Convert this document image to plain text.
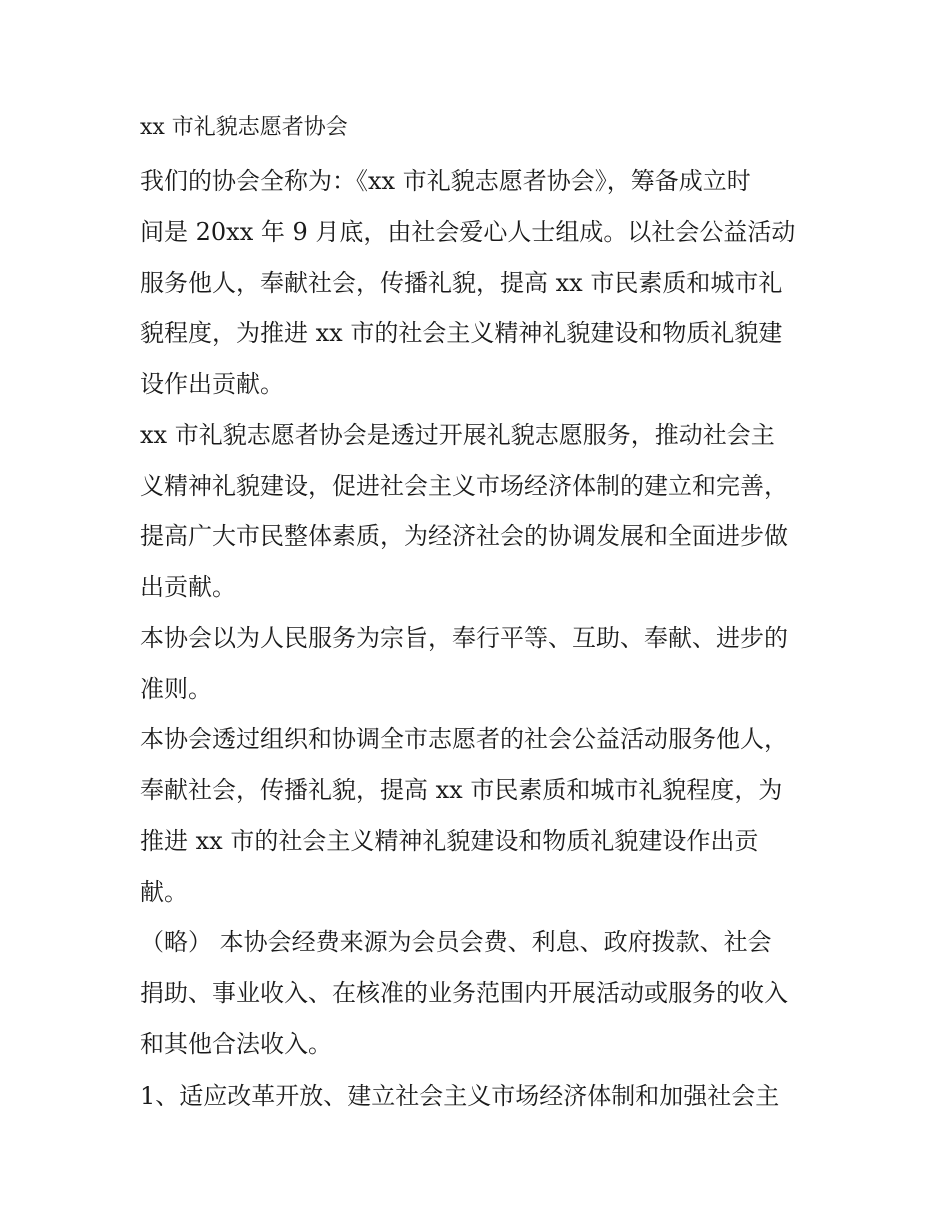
xx 市礼貌志愿者协会
我们的协会全称为：《xx 市礼貌志愿者协会》，筹备成立时
间是 20xx 年 9 月底，由社会爱心人士组成。以社会公益活动
服务他人，奉献社会，传播礼貌，提高 xx 市民素质和城市礼
貌程度，为推进 xx 市的社会主义精神礼貌建设和物质礼貌建
设作出贡献。
xx 市礼貌志愿者协会是透过开展礼貌志愿服务，推动社会主
义精神礼貌建设，促进社会主义市场经济体制的建立和完善，
提高广大市民整体素质，为经济社会的协调发展和全面进步做
出贡献。
本协会以为人民服务为宗旨，奉行平等、互助、奉献、进步的
准则。
本协会透过组织和协调全市志愿者的社会公益活动服务他人，
奉献社会，传播礼貌，提高 xx 市民素质和城市礼貌程度，为
推进 xx 市的社会主义精神礼貌建设和物质礼貌建设作出贡
献。
（略） 本协会经费来源为会员会费、利息、政府拨款、社会
捐助、事业收入、在核准的业务范围内开展活动或服务的收入
和其他合法收入。
1、适应改革开放、建立社会主义市场经济体制和加强社会主
